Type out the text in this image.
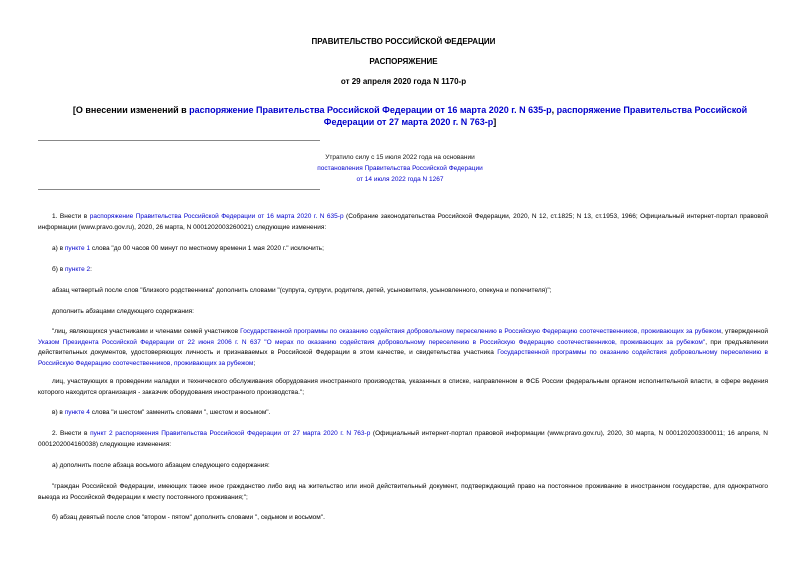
ПРАВИТЕЛЬСТВО РОССИЙСКОЙ ФЕДЕРАЦИИ
РАСПОРЯЖЕНИЕ
от 29 апреля 2020 года N 1170-р
[О внесении изменений в распоряжение Правительства Российской Федерации от 16 марта 2020 г. N 635-р, распоряжение Правительства Российской Федерации от 27 марта 2020 г. N 763-р]
Утратило силу с 15 июля 2022 года на основании
постановления Правительства Российской Федерации
от 14 июля 2022 года N 1267
1. Внести в распоряжение Правительства Российской Федерации от 16 марта 2020 г. N 635-р (Собрание законодательства Российской Федерации, 2020, N 12, ст.1825; N 13, ст.1953, 1966; Официальный интернет-портал правовой информации (www.pravo.gov.ru), 2020, 26 марта, N 0001202003260021) следующие изменения:
а) в пункте 1 слова "до 00 часов 00 минут по местному времени 1 мая 2020 г." исключить;
б) в пункте 2:
абзац четвертый после слов "близкого родственника" дополнить словами "(супруга, супруги, родителя, детей, усыновителя, усыновленного, опекуна и попечителя)";
дополнить абзацами следующего содержания:
"лиц, являющихся участниками и членами семей участников Государственной программы по оказанию содействия добровольному переселению в Российскую Федерацию соотечественников, проживающих за рубежом, утвержденной Указом Президента Российской Федерации от 22 июня 2006 г. N 637 "О мерах по оказанию содействия добровольному переселению в Российскую Федерацию соотечественников, проживающих за рубежом", при предъявлении действительных документов, удостоверяющих личность и признаваемых в Российской Федерации в этом качестве, и свидетельства участника Государственной программы по оказанию содействия добровольному переселению в Российскую Федерацию соотечественников, проживающих за рубежом;
лиц, участвующих в проведении наладки и технического обслуживания оборудования иностранного производства, указанных в списке, направленном в ФСБ России федеральным органом исполнительной власти, в сфере ведения которого находится организация - заказчик оборудования иностранного производства.";
в) в пункте 4 слова "и шестом" заменить словами ", шестом и восьмом".
2. Внести в пункт 2 распоряжения Правительства Российской Федерации от 27 марта 2020 г. N 763-р (Официальный интернет-портал правовой информации (www.pravo.gov.ru), 2020, 30 марта, N 0001202003300011; 16 апреля, N 0001202004160038) следующие изменения:
а) дополнить после абзаца восьмого абзацем следующего содержания:
"граждан Российской Федерации, имеющих также иное гражданство либо вид на жительство или иной действительный документ, подтверждающий право на постоянное проживание в иностранном государстве, для однократного выезда из Российской Федерации к месту постоянного проживания;";
б) абзац девятый после слов "втором - пятом" дополнить словами ", седьмом и восьмом".
